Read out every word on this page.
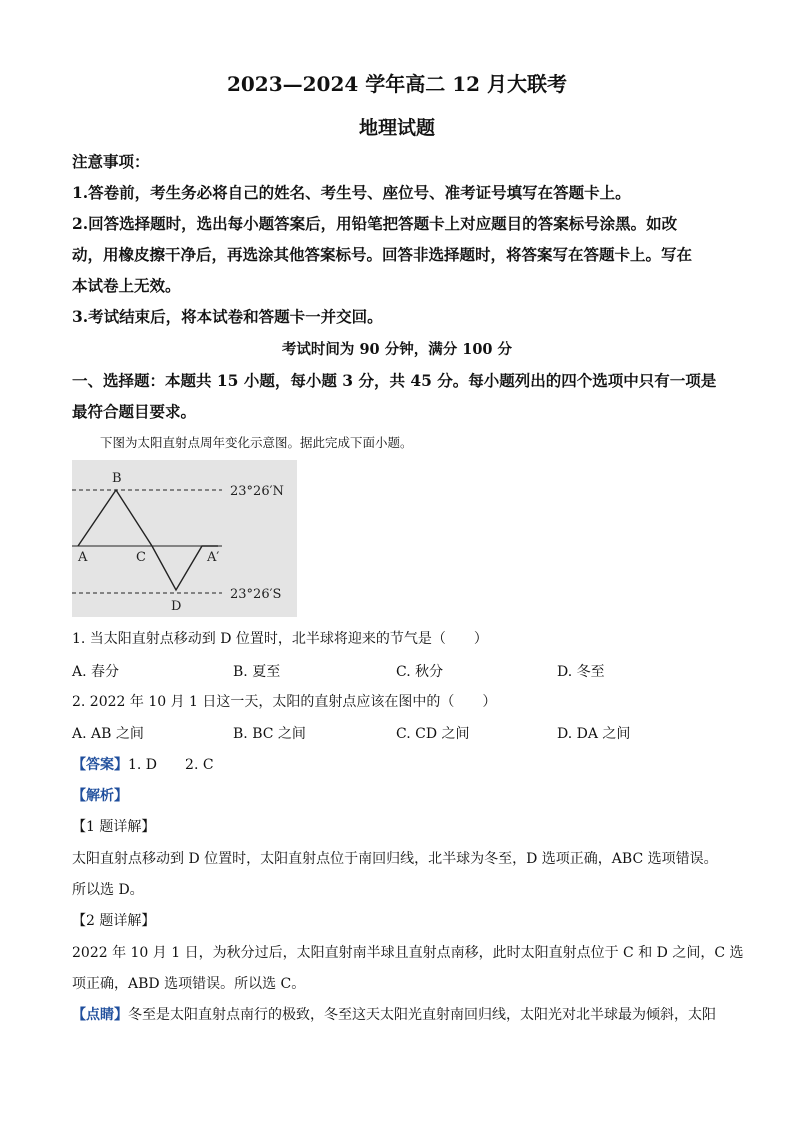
2023—2024 学年高二 12 月大联考
地理试题
注意事项：
1.答卷前，考生务必将自己的姓名、考生号、座位号、准考证号填写在答题卡上。
2.回答选择题时，选出每小题答案后，用铅笔把答题卡上对应题目的答案标号涂黑。如改
动，用橡皮擦干净后，再选涂其他答案标号。回答非选择题时，将答案写在答题卡上。写在
本试卷上无效。
3.考试结束后，将本试卷和答题卡一并交回。
考试时间为 90 分钟，满分 100 分
一、选择题：本题共 15 小题，每小题 3 分，共 45 分。每小题列出的四个选项中只有一项是
最符合题目要求。
下图为太阳直射点周年变化示意图。据此完成下面小题。
B
A	C	A′
D
23°26′N
23°26′S
1. 当太阳直射点移动到 D 位置时，北半球将迎来的节气是（　　）
A. 春分	B. 夏至	C. 秋分	D. 冬至
2. 2022 年 10 月 1 日这一天，太阳的直射点应该在图中的（　　）
A. AB 之间	B. BC 之间	C. CD 之间	D. DA 之间
【答案】1. D　　2. C
【解析】
【1 题详解】
太阳直射点移动到 D 位置时，太阳直射点位于南回归线，北半球为冬至，D 选项正确，ABC 选项错误。
所以选 D。
【2 题详解】
2022 年 10 月 1 日，为秋分过后，太阳直射南半球且直射点南移，此时太阳直射点位于 C 和 D 之间，C 选
项正确，ABD 选项错误。所以选 C。
【点睛】冬至是太阳直射点南行的极致，冬至这天太阳光直射南回归线，太阳光对北半球最为倾斜，太阳
